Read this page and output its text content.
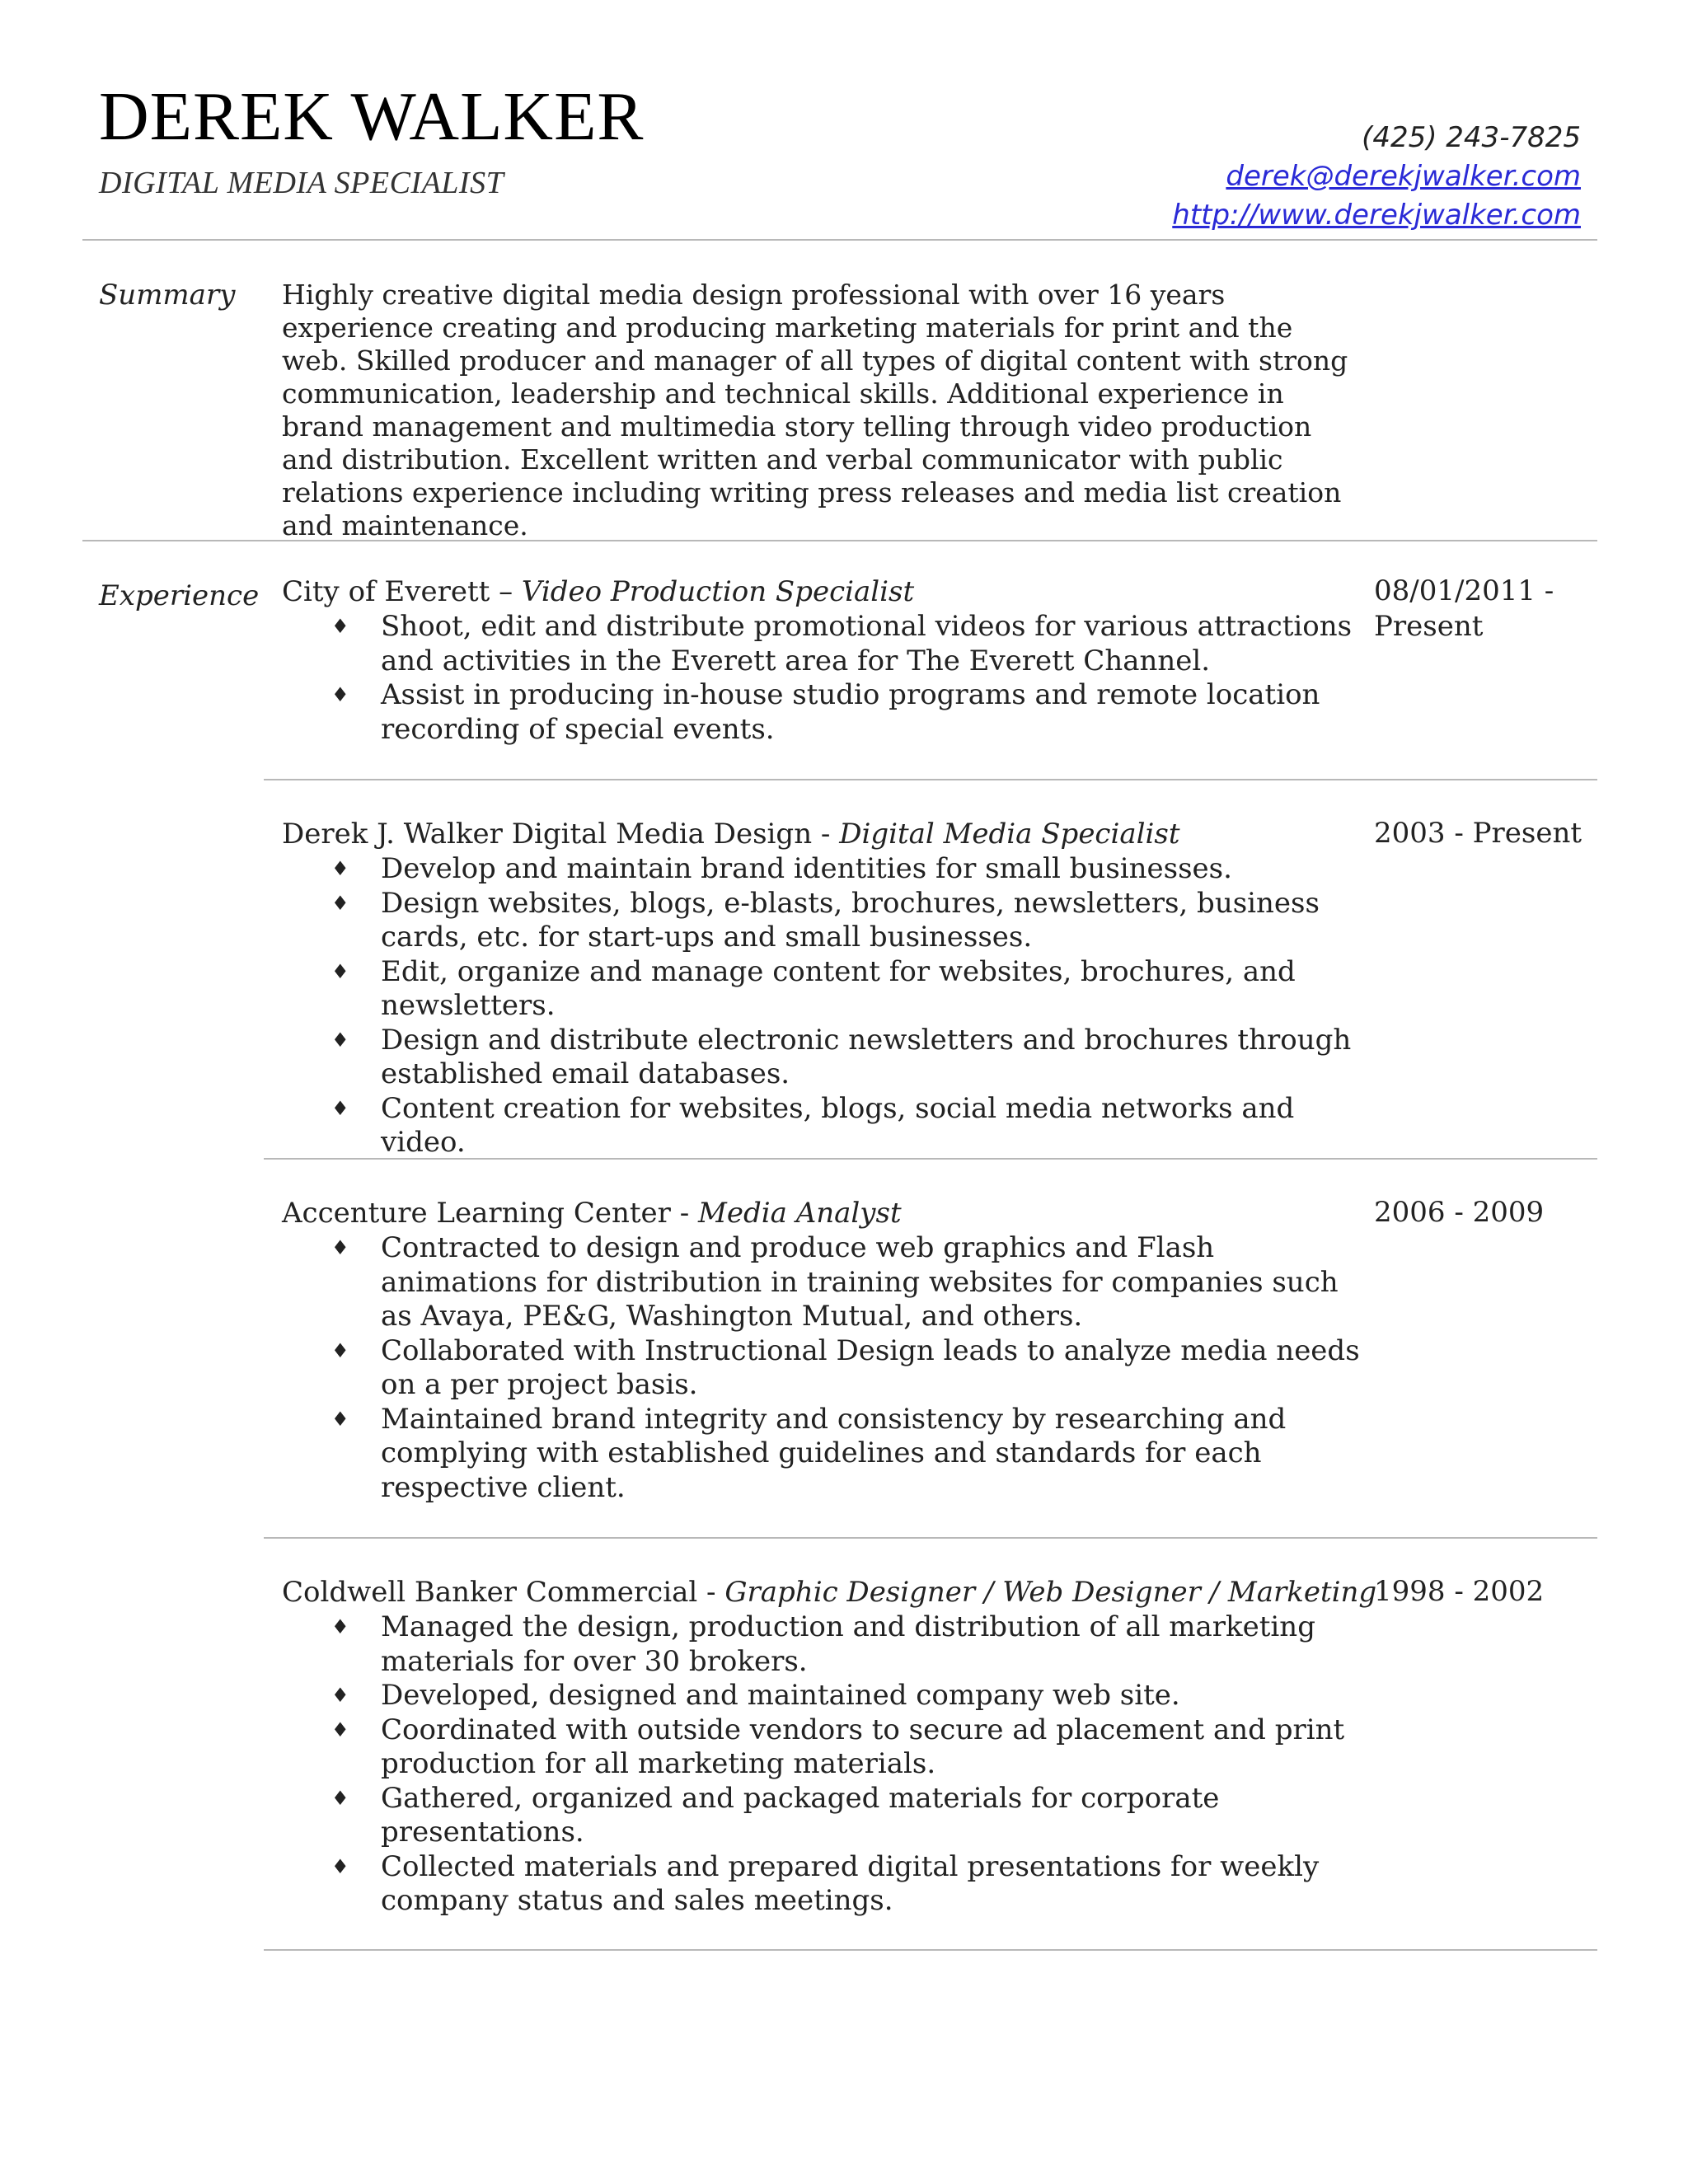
DEREK WALKER
DIGITAL MEDIA SPECIALIST
(425) 243-7825
derek@derekjwalker.com
http://www.derekjwalker.com
Summary Highly creative digital media design professional with over 16 years experience creating and producing marketing materials for print and the web. Skilled producer and manager of all types of digital content with strong communication, leadership and technical skills. Additional experience in brand management and multimedia story telling through video production and distribution. Excellent written and verbal communicator with public relations experience including writing press releases and media list creation and maintenance.

Experience City of Everett – Video Production Specialist	08/01/2011 -
Present
♦ Shoot, edit and distribute promotional videos for various attractions and activities in the Everett area for The Everett Channel.
♦ Assist in producing in-house studio programs and remote location recording of special events.
Derek J. Walker Digital Media Design - Digital Media Specialist	2003 - Present
♦ Develop and maintain brand identities for small businesses.
♦ Design websites, blogs, e-blasts, brochures, newsletters, business cards, etc. for start-ups and small businesses.
♦ Edit, organize and manage content for websites, brochures, and newsletters.
♦ Design and distribute electronic newsletters and brochures through established email databases.
♦ Content creation for websites, blogs, social media networks and video.
Accenture Learning Center - Media Analyst	2006 - 2009
♦ Contracted to design and produce web graphics and Flash animations for distribution in training websites for companies such as Avaya, PE&G, Washington Mutual, and others.
♦ Collaborated with Instructional Design leads to analyze media needs on a per project basis.
♦ Maintained brand integrity and consistency by researching and complying with established guidelines and standards for each respective client.
Coldwell Banker Commercial - Graphic Designer / Web Designer / Marketing
1998 - 2002
♦ Managed the design, production and distribution of all marketing materials for over 30 brokers.
♦ Developed, designed and maintained company web site.
♦ Coordinated with outside vendors to secure ad placement and print production for all marketing materials.
♦ Gathered, organized and packaged materials for corporate presentations.
♦ Collected materials and prepared digital presentations for weekly company status and sales meetings.
